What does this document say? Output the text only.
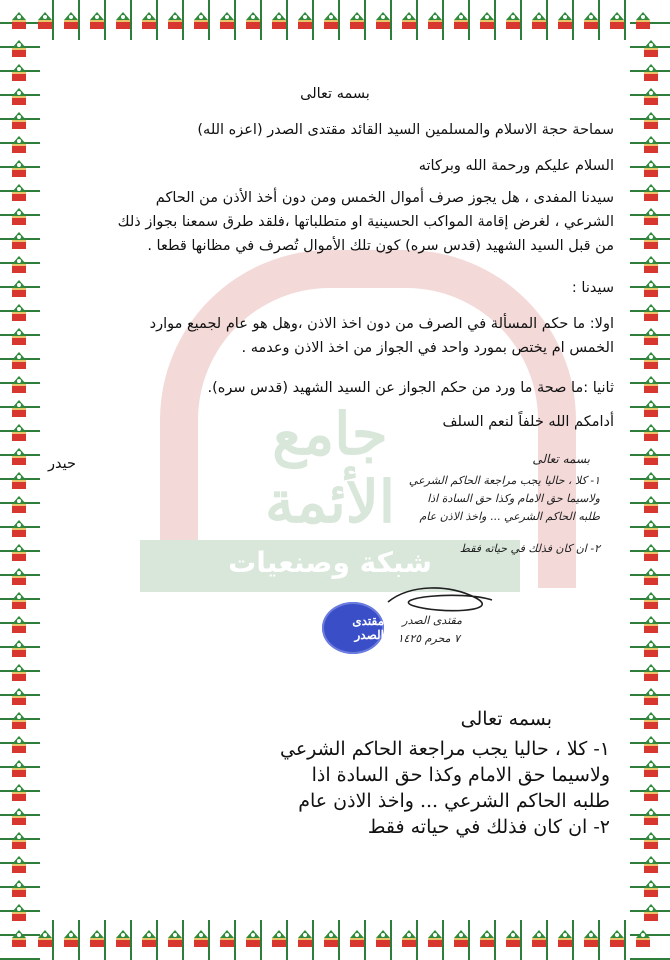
جامع الأئمة
شبكة وصنعيات
بسمه تعالى
سماحة حجة الاسلام والمسلمين السيد القائد مقتدى الصدر (اعزه الله)
السلام عليكم ورحمة الله وبركاته
سيدنا المفدى ، هل يجوز صرف أموال الخمس ومن دون أخذ الأذن من الحاكم
الشرعي ، لغرض إقامة المواكب الحسينية او متطلباتها ،فلقد طرق سمعنا بجواز ذلك
من قبل السيد الشهيد (قدس سره) كون تلك الأموال تُصرف في مظانها قطعا .
سيدنا :
اولا: ما حكم المسألة في الصرف من دون اخذ الاذن ،وهل هو عام لجميع موارد
الخمس ام يختص بمورد واحد في الجواز من اخذ الاذن وعدمه .
ثانيا :ما صحة ما ورد من حكم الجواز عن السيد الشهيد (قدس سره).
أدامكم الله خلفاً لنعم السلف
حيدر	بسمه تعالى
١- كلا ، حاليا يجب مراجعة الحاكم الشرعي
ولاسيما حق الامام وكذا حق السادة اذا
طلبه الحاكم الشرعي ... واخذ الاذن عام
٢- ان كان فذلك في حياته فقط
مقتدى الصدر
٧ محرم ١٤٢٥
مقتدى الصدر
بسمه تعالى
١- كلا ، حاليا يجب مراجعة الحاكم الشرعي
ولاسيما حق الامام وكذا حق السادة اذا
طلبه الحاكم الشرعي ... واخذ الاذن عام
٢- ان كان فذلك في حياته فقط
